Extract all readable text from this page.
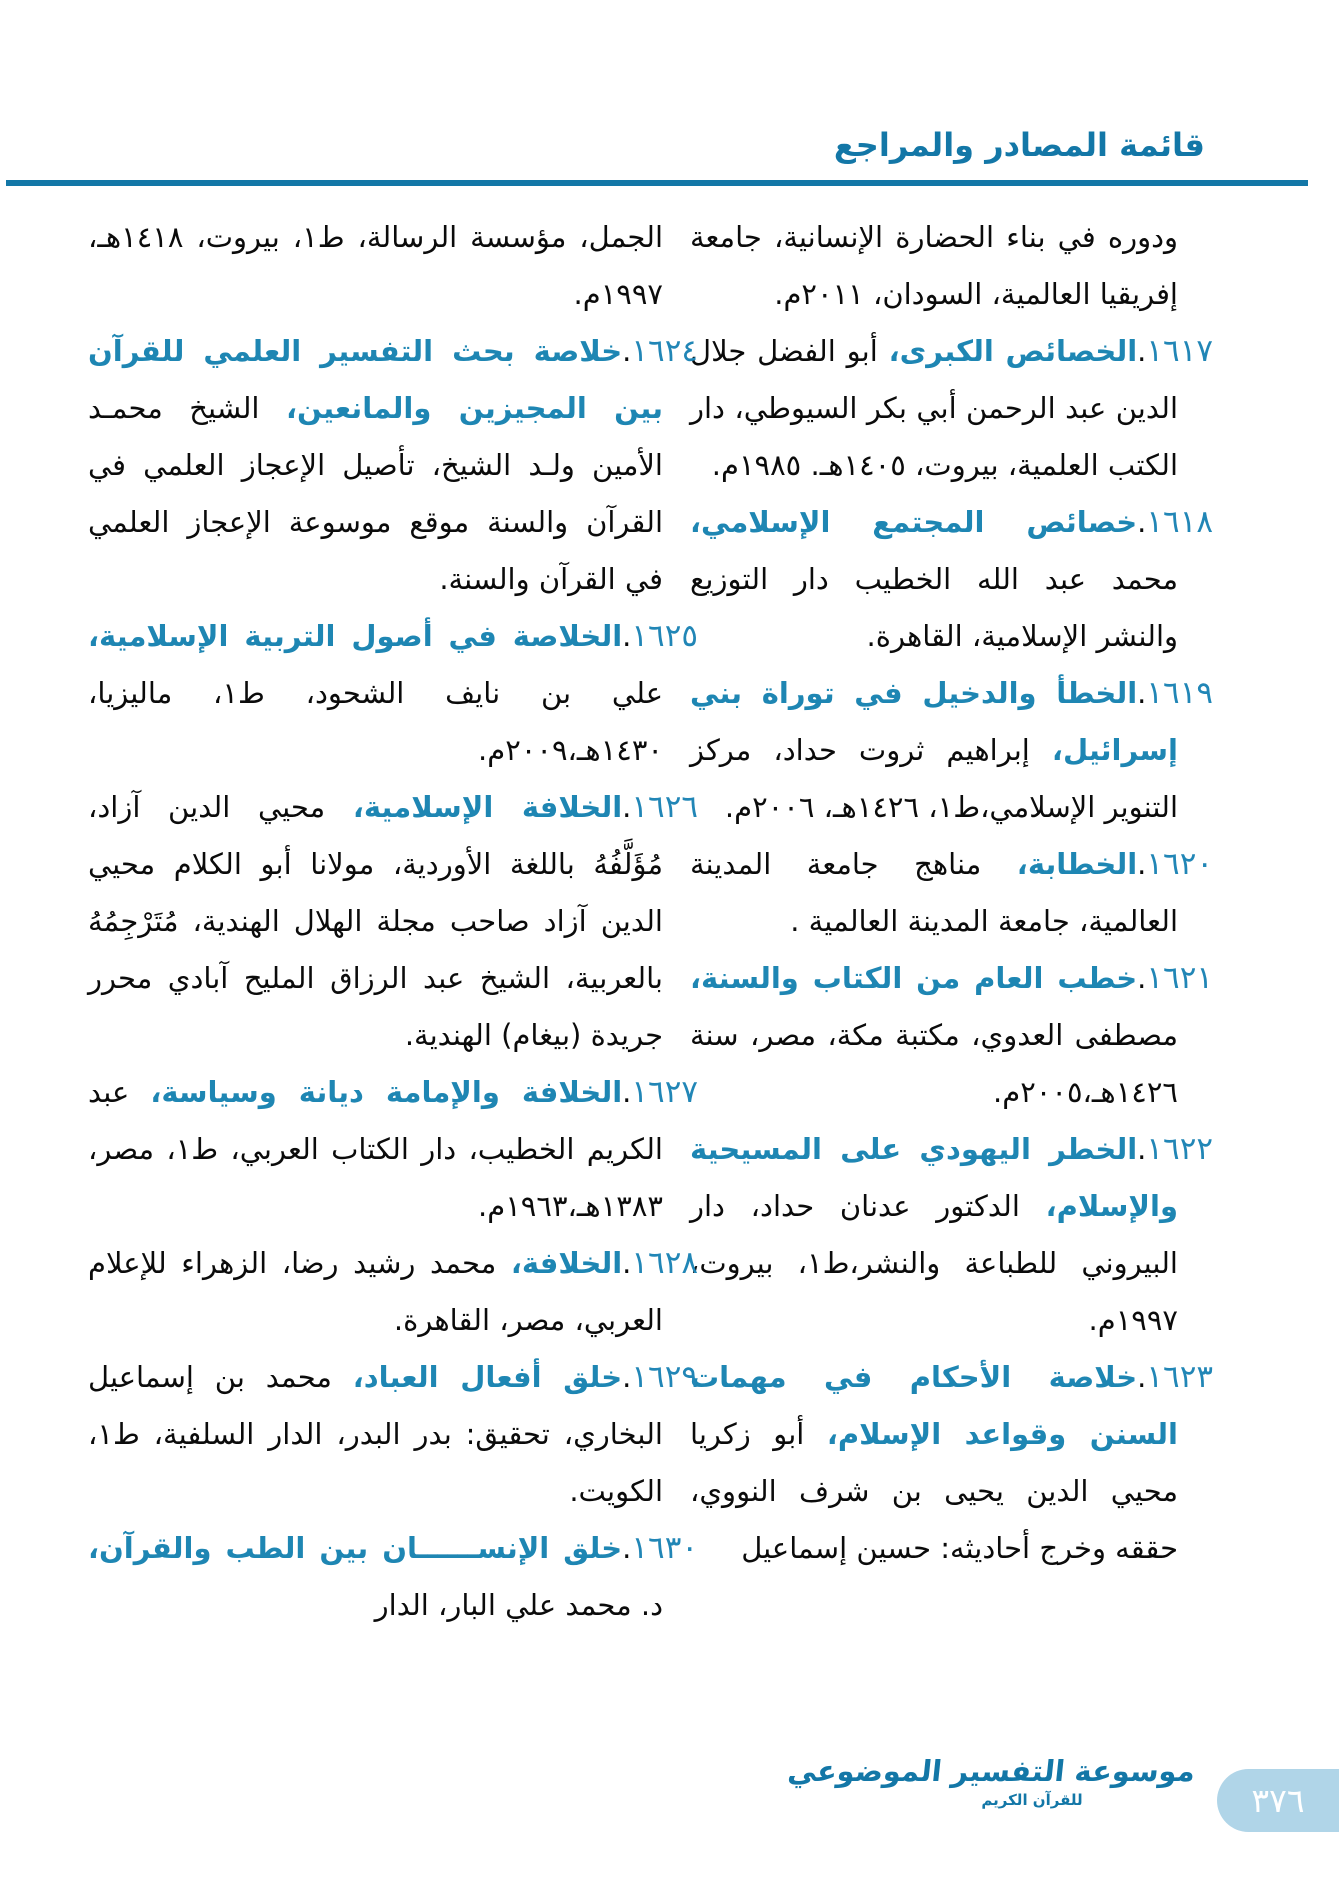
قائمة المصادر والمراجع

ودوره في بناء الحضارة الإنسانية، جامعة إفريقيا العالمية، السودان، ٢٠١١م.

١٦١٧.الخصائص الكبرى، أبو الفضل جلال الدين عبد الرحمن أبي بكر السيوطي، دار الكتب العلمية، بيروت، ١٤٠٥هـ. ١٩٨٥م.

١٦١٨.خصائص المجتمع الإسلامي، محمد عبد الله الخطيب دار التوزيع والنشر الإسلامية، القاهرة.

١٦١٩.الخطأ والدخيل في توراة بني إسرائيل، إبراهيم ثروت حداد، مركز التنوير الإسلامي،ط١، ١٤٢٦هـ، ٢٠٠٦م.

١٦٢٠.الخطابة، مناهج جامعة المدينة العالمية، جامعة المدينة العالمية .

١٦٢١.خطب العام من الكتاب والسنة، مصطفى العدوي، مكتبة مكة، مصر، سنة ١٤٢٦هـ،٢٠٠٥م.

١٦٢٢.الخطر اليهودي على المسيحية والإسلام، الدكتور عدنان حداد، دار البيروني للطباعة والنشر،ط١، بيروت، ١٩٩٧م.

١٦٢٣.خلاصة الأحكام في مهمات السنن وقواعد الإسلام، أبو زكريا محيي الدين يحيى بن شرف النووي، حققه وخرج أحاديثه: حسين إسماعيل

الجمل، مؤسسة الرسالة، ط١، بيروت، ١٤١٨هـ، ١٩٩٧م.

١٦٢٤.خلاصة بحث التفسير العلمي للقرآن بين المجيزين والمانعين، الشيخ محمـد الأمين ولـد الشيخ، تأصيل الإعجاز العلمي في القرآن والسنة موقع موسوعة الإعجاز العلمي في القرآن والسنة.

١٦٢٥.الخلاصة في أصول التربية الإسلامية، علي بن نايف الشحود، ط١، ماليزيا، ١٤٣٠هـ،٢٠٠٩م.

١٦٢٦.الخلافة الإسلامية، محيي الدين آزاد، مُؤَلَّفُهُ باللغة الأوردية، مولانا أبو الكلام محيي الدين آزاد صاحب مجلة الهلال الهندية، مُتَرْجِمُهُ بالعربية، الشيخ عبد الرزاق المليح آبادي محرر جريدة (بيغام) الهندية.

١٦٢٧.الخلافة والإمامة ديانة وسياسة، عبد الكريم الخطيب، دار الكتاب العربي، ط١، مصر، ١٣٨٣هـ،١٩٦٣م.

١٦٢٨.الخلافة، محمد رشيد رضا، الزهراء للإعلام العربي، مصر، القاهرة.

١٦٢٩.خلق أفعال العباد، محمد بن إسماعيل البخاري، تحقيق: بدر البدر، الدار السلفية، ط١، الكويت.

١٦٣٠.خلق الإنســــــان بين الطب والقرآن، د. محمد علي البار، الدار

موسوعة التفسير الموضوعي
للقرآن الكريم	٣٧٦
